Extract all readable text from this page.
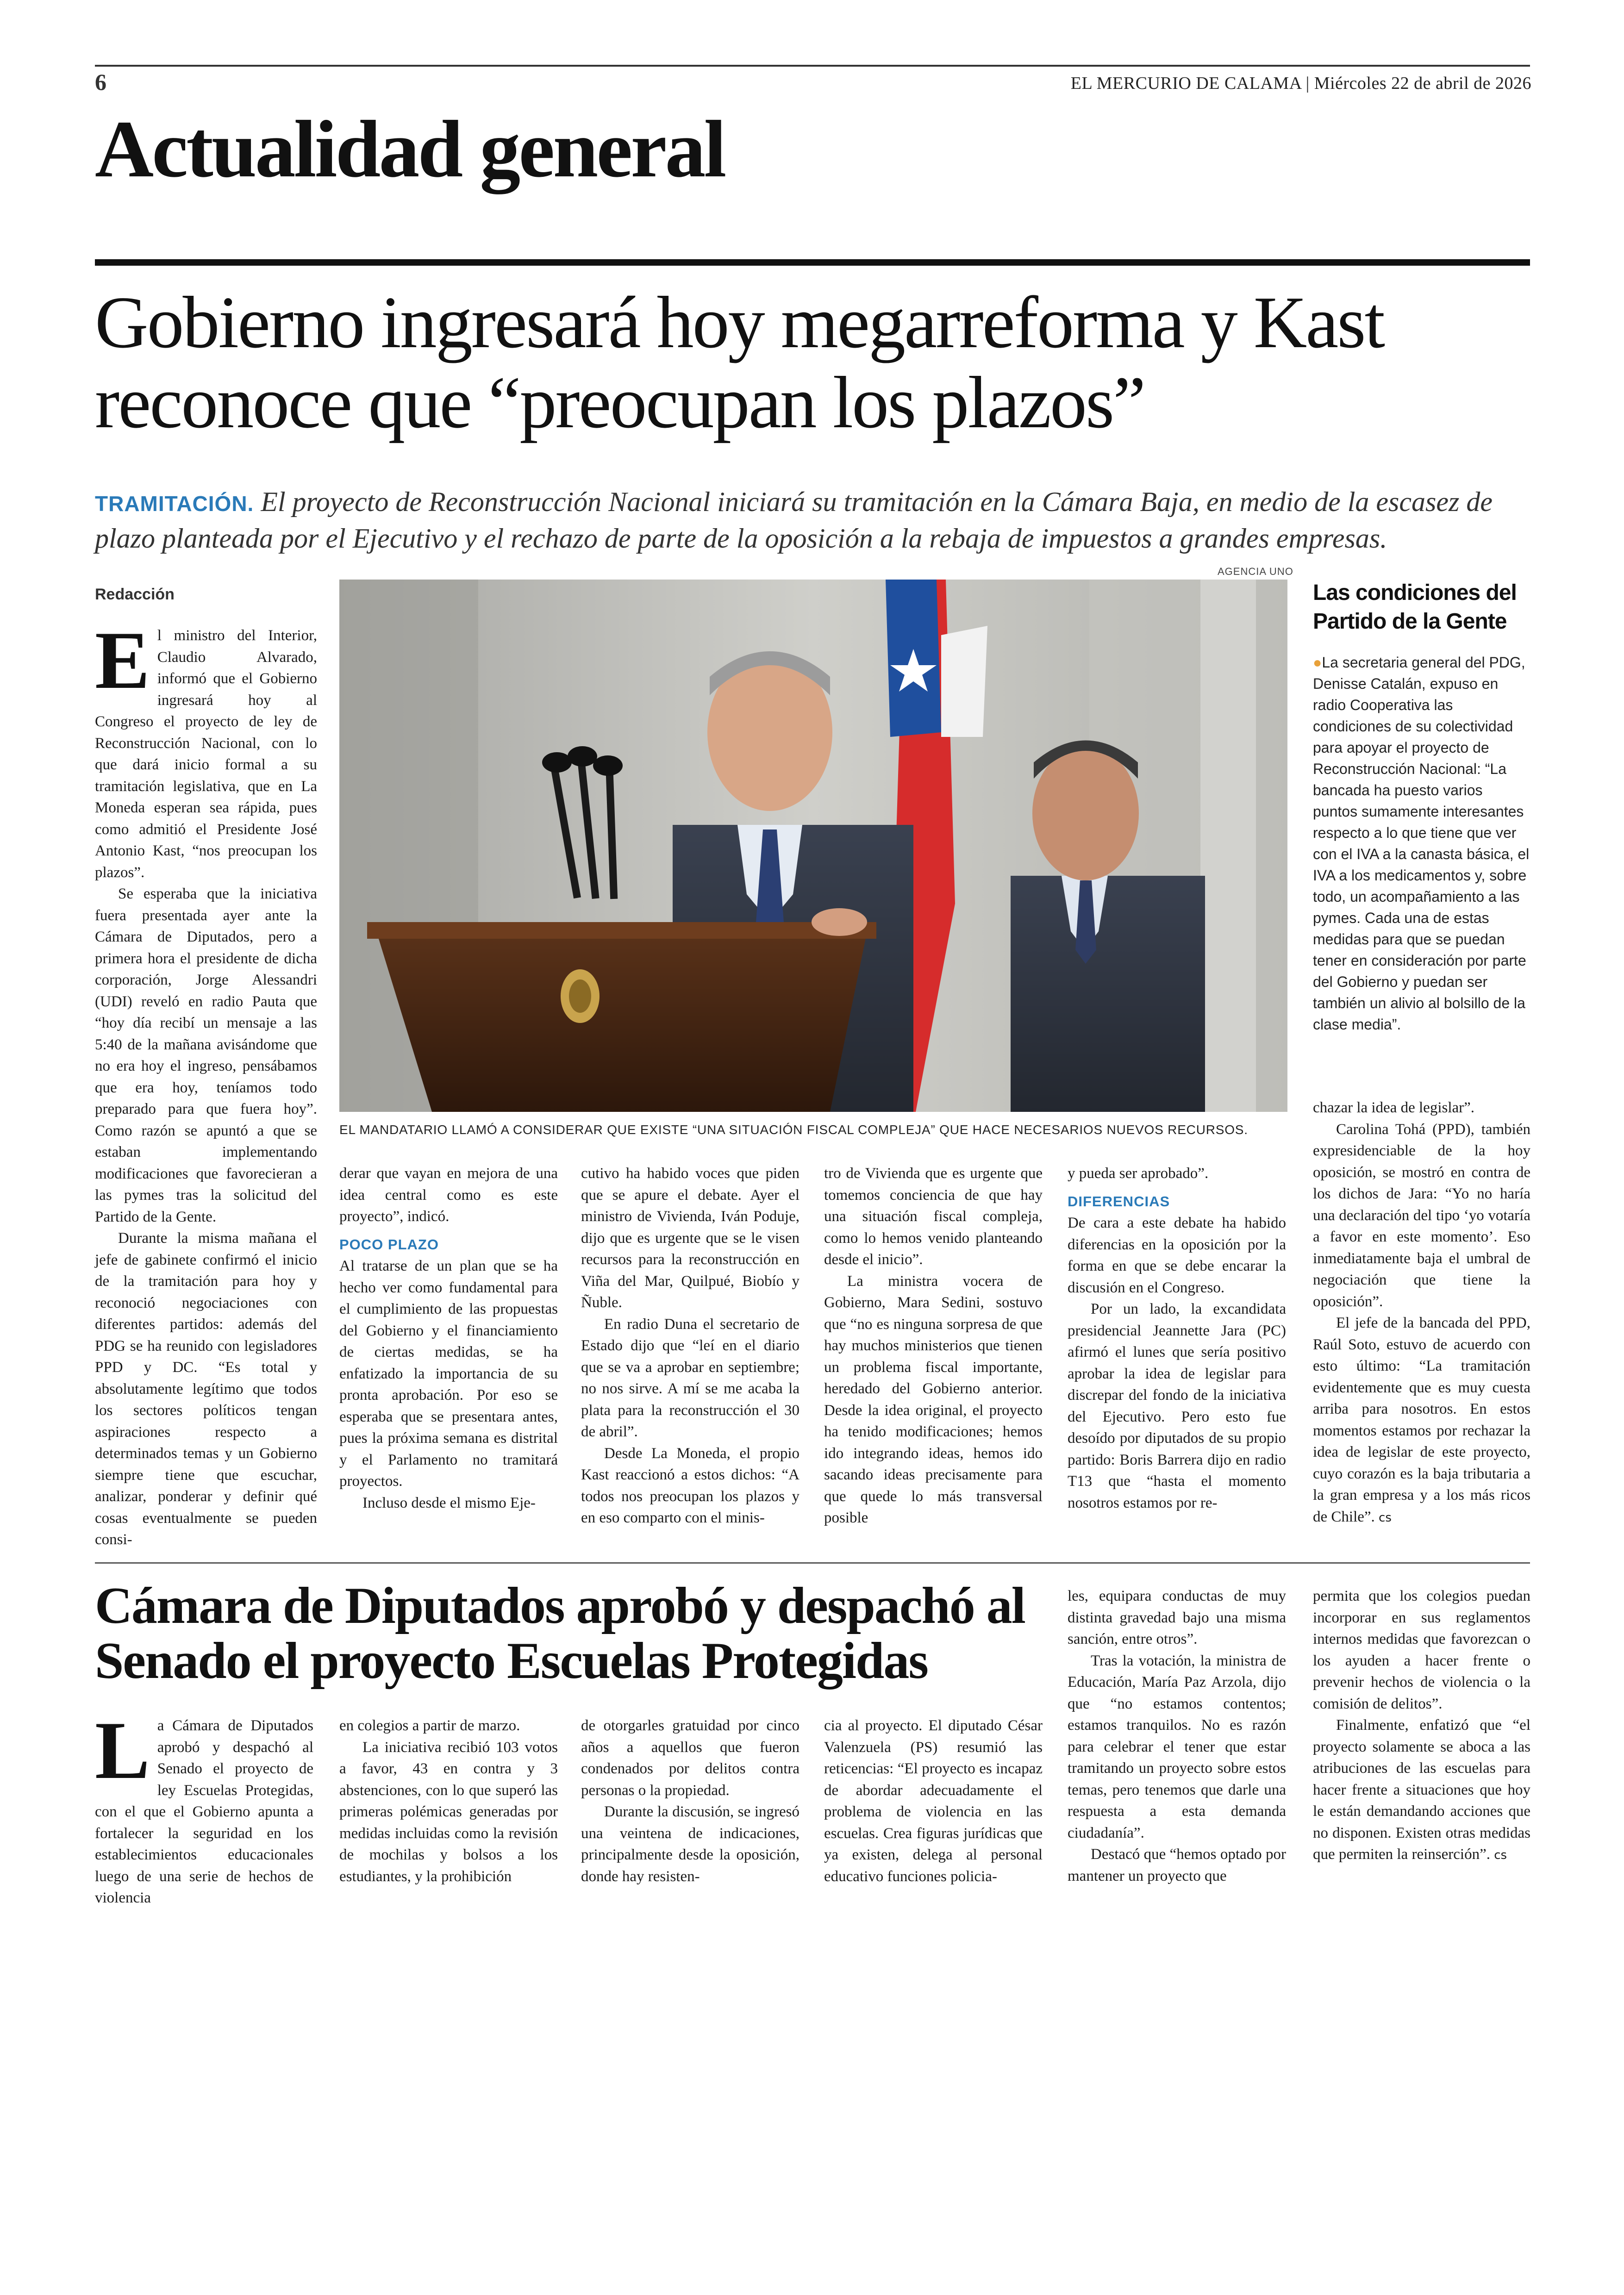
6	EL MERCURIO DE CALAMA | Miércoles 22 de abril de 2026
Actualidad general
Gobierno ingresará hoy megarreforma y Kast reconoce que “preocupan los plazos”
TRAMITACIÓN. El proyecto de Reconstrucción Nacional iniciará su tramitación en la Cámara Baja, en medio de la escasez de plazo planteada por el Ejecutivo y el rechazo de parte de la oposición a la rebaja de impuestos a grandes empresas.
Redacción
AGENCIA UNO
EL MANDATARIO LLAMÓ A CONSIDERAR QUE EXISTE “UNA SITUACIÓN FISCAL COMPLEJA” QUE HACE NECESARIOS NUEVOS RECURSOS.

El ministro del Interior, Claudio Alvarado, informó que el Gobierno ingresará hoy al Congreso el proyecto de ley de Reconstrucción Nacional, con lo que dará inicio formal a su tramitación legislativa, que en La Moneda esperan sea rápida, pues como admitió el Presidente José Antonio Kast, “nos preocupan los plazos”.

Se esperaba que la iniciativa fuera presentada ayer ante la Cámara de Diputados, pero a primera hora el presidente de dicha corporación, Jorge Alessandri (UDI) reveló en radio Pauta que “hoy día recibí un mensaje a las 5:40 de la mañana avisándome que no era hoy el ingreso, pensábamos que era hoy, teníamos todo preparado para que fuera hoy”. Como razón se apuntó a que se estaban implementando modificaciones que favorecieran a las pymes tras la solicitud del Partido de la Gente.

Durante la misma mañana el jefe de gabinete confirmó el inicio de la tramitación para hoy y reconoció negociaciones con diferentes partidos: además del PDG se ha reunido con legisladores PPD y DC. “Es total y absolutamente legítimo que todos los sectores políticos tengan aspiraciones respecto a determinados temas y un Gobierno siempre tiene que escuchar, analizar, ponderar y definir qué cosas eventualmente se pueden consi-

derar que vayan en mejora de una idea central como es este proyecto”, indicó.

POCO PLAZO

Al tratarse de un plan que se ha hecho ver como fundamental para el cumplimiento de las propuestas del Gobierno y el financiamiento de ciertas medidas, se ha enfatizado la importancia de su pronta aprobación. Por eso se esperaba que se presentara antes, pues la próxima semana es distrital y el Parlamento no tramitará proyectos.

Incluso desde el mismo Eje-

cutivo ha habido voces que piden que se apure el debate. Ayer el ministro de Vivienda, Iván Poduje, dijo que es urgente que se le visen recursos para la reconstrucción en Viña del Mar, Quilpué, Biobío y Ñuble.

En radio Duna el secretario de Estado dijo que “leí en el diario que se va a aprobar en septiembre; no nos sirve. A mí se me acaba la plata para la reconstrucción el 30 de abril”.

Desde La Moneda, el propio Kast reaccionó a estos dichos: “A todos nos preocupan los plazos y en eso comparto con el minis-

tro de Vivienda que es urgente que tomemos conciencia de que hay una situación fiscal compleja, como lo hemos venido planteando desde el inicio”.

La ministra vocera de Gobierno, Mara Sedini, sostuvo que “no es ninguna sorpresa de que hay muchos ministerios que tienen un problema fiscal importante, heredado del Gobierno anterior. Desde la idea original, el proyecto ha tenido modificaciones; hemos ido integrando ideas, hemos ido sacando ideas precisamente para que quede lo más transversal posible

y pueda ser aprobado”.

DIFERENCIAS

De cara a este debate ha habido diferencias en la oposición por la forma en que se debe encarar la discusión en el Congreso.

Por un lado, la excandidata presidencial Jeannette Jara (PC) afirmó el lunes que sería positivo aprobar la idea de legislar para discrepar del fondo de la iniciativa del Ejecutivo. Pero esto fue desoído por diputados de su propio partido: Boris Barrera dijo en radio T13 que “hasta el momento nosotros estamos por re-

chazar la idea de legislar”.

Carolina Tohá (PPD), también expresidenciable de la hoy oposición, se mostró en contra de los dichos de Jara: “Yo no haría una declaración del tipo ‘yo votaría a favor en este momento’. Eso inmediatamente baja el umbral de negociación que tiene la oposición”.

El jefe de la bancada del PPD, Raúl Soto, estuvo de acuerdo con esto último: “La tramitación evidentemente que es muy cuesta arriba para nosotros. En estos momentos estamos por rechazar la idea de legislar de este proyecto, cuyo corazón es la baja tributaria a la gran empresa y a los más ricos de Chile”. cs

Las condiciones del Partido de la Gente
●La secretaria general del PDG, Denisse Catalán, expuso en radio Cooperativa las condiciones de su colectividad para apoyar el proyecto de Reconstrucción Nacional: “La bancada ha puesto varios puntos sumamente interesantes respecto a lo que tiene que ver con el IVA a la canasta básica, el IVA a los medicamentos y, sobre todo, un acompañamiento a las pymes. Cada una de estas medidas para que se puedan tener en consideración por parte del Gobierno y puedan ser también un alivio al bolsillo de la clase media”.
Cámara de Diputados aprobó y despachó al Senado el proyecto Escuelas Protegidas

La Cámara de Diputados aprobó y despachó al Senado el proyecto de ley Escuelas Protegidas, con el que el Gobierno apunta a fortalecer la seguridad en los establecimientos educacionales luego de una serie de hechos de violencia

en colegios a partir de marzo.

La iniciativa recibió 103 votos a favor, 43 en contra y 3 abstenciones, con lo que superó las primeras polémicas generadas por medidas incluidas como la revisión de mochilas y bolsos a los estudiantes, y la prohibición

de otorgarles gratuidad por cinco años a aquellos que fueron condenados por delitos contra personas o la propiedad.

Durante la discusión, se ingresó una veintena de indicaciones, principalmente desde la oposición, donde hay resisten-

cia al proyecto. El diputado César Valenzuela (PS) resumió las reticencias: “El proyecto es incapaz de abordar adecuadamente el problema de violencia en las escuelas. Crea figuras jurídicas que ya existen, delega al personal educativo funciones policia-

les, equipara conductas de muy distinta gravedad bajo una misma sanción, entre otros”.

Tras la votación, la ministra de Educación, María Paz Arzola, dijo que “no estamos contentos; estamos tranquilos. No es razón para celebrar el tener que estar tramitando un proyecto sobre estos temas, pero tenemos que darle una respuesta a esta demanda ciudadanía”.

Destacó que “hemos optado por mantener un proyecto que

permita que los colegios puedan incorporar en sus reglamentos internos medidas que favorezcan o los ayuden a hacer frente o prevenir hechos de violencia o la comisión de delitos”.

Finalmente, enfatizó que “el proyecto solamente se aboca a las atribuciones de las escuelas para hacer frente a situaciones que hoy le están demandando acciones que no disponen. Existen otras medidas que permiten la reinserción”. cs
